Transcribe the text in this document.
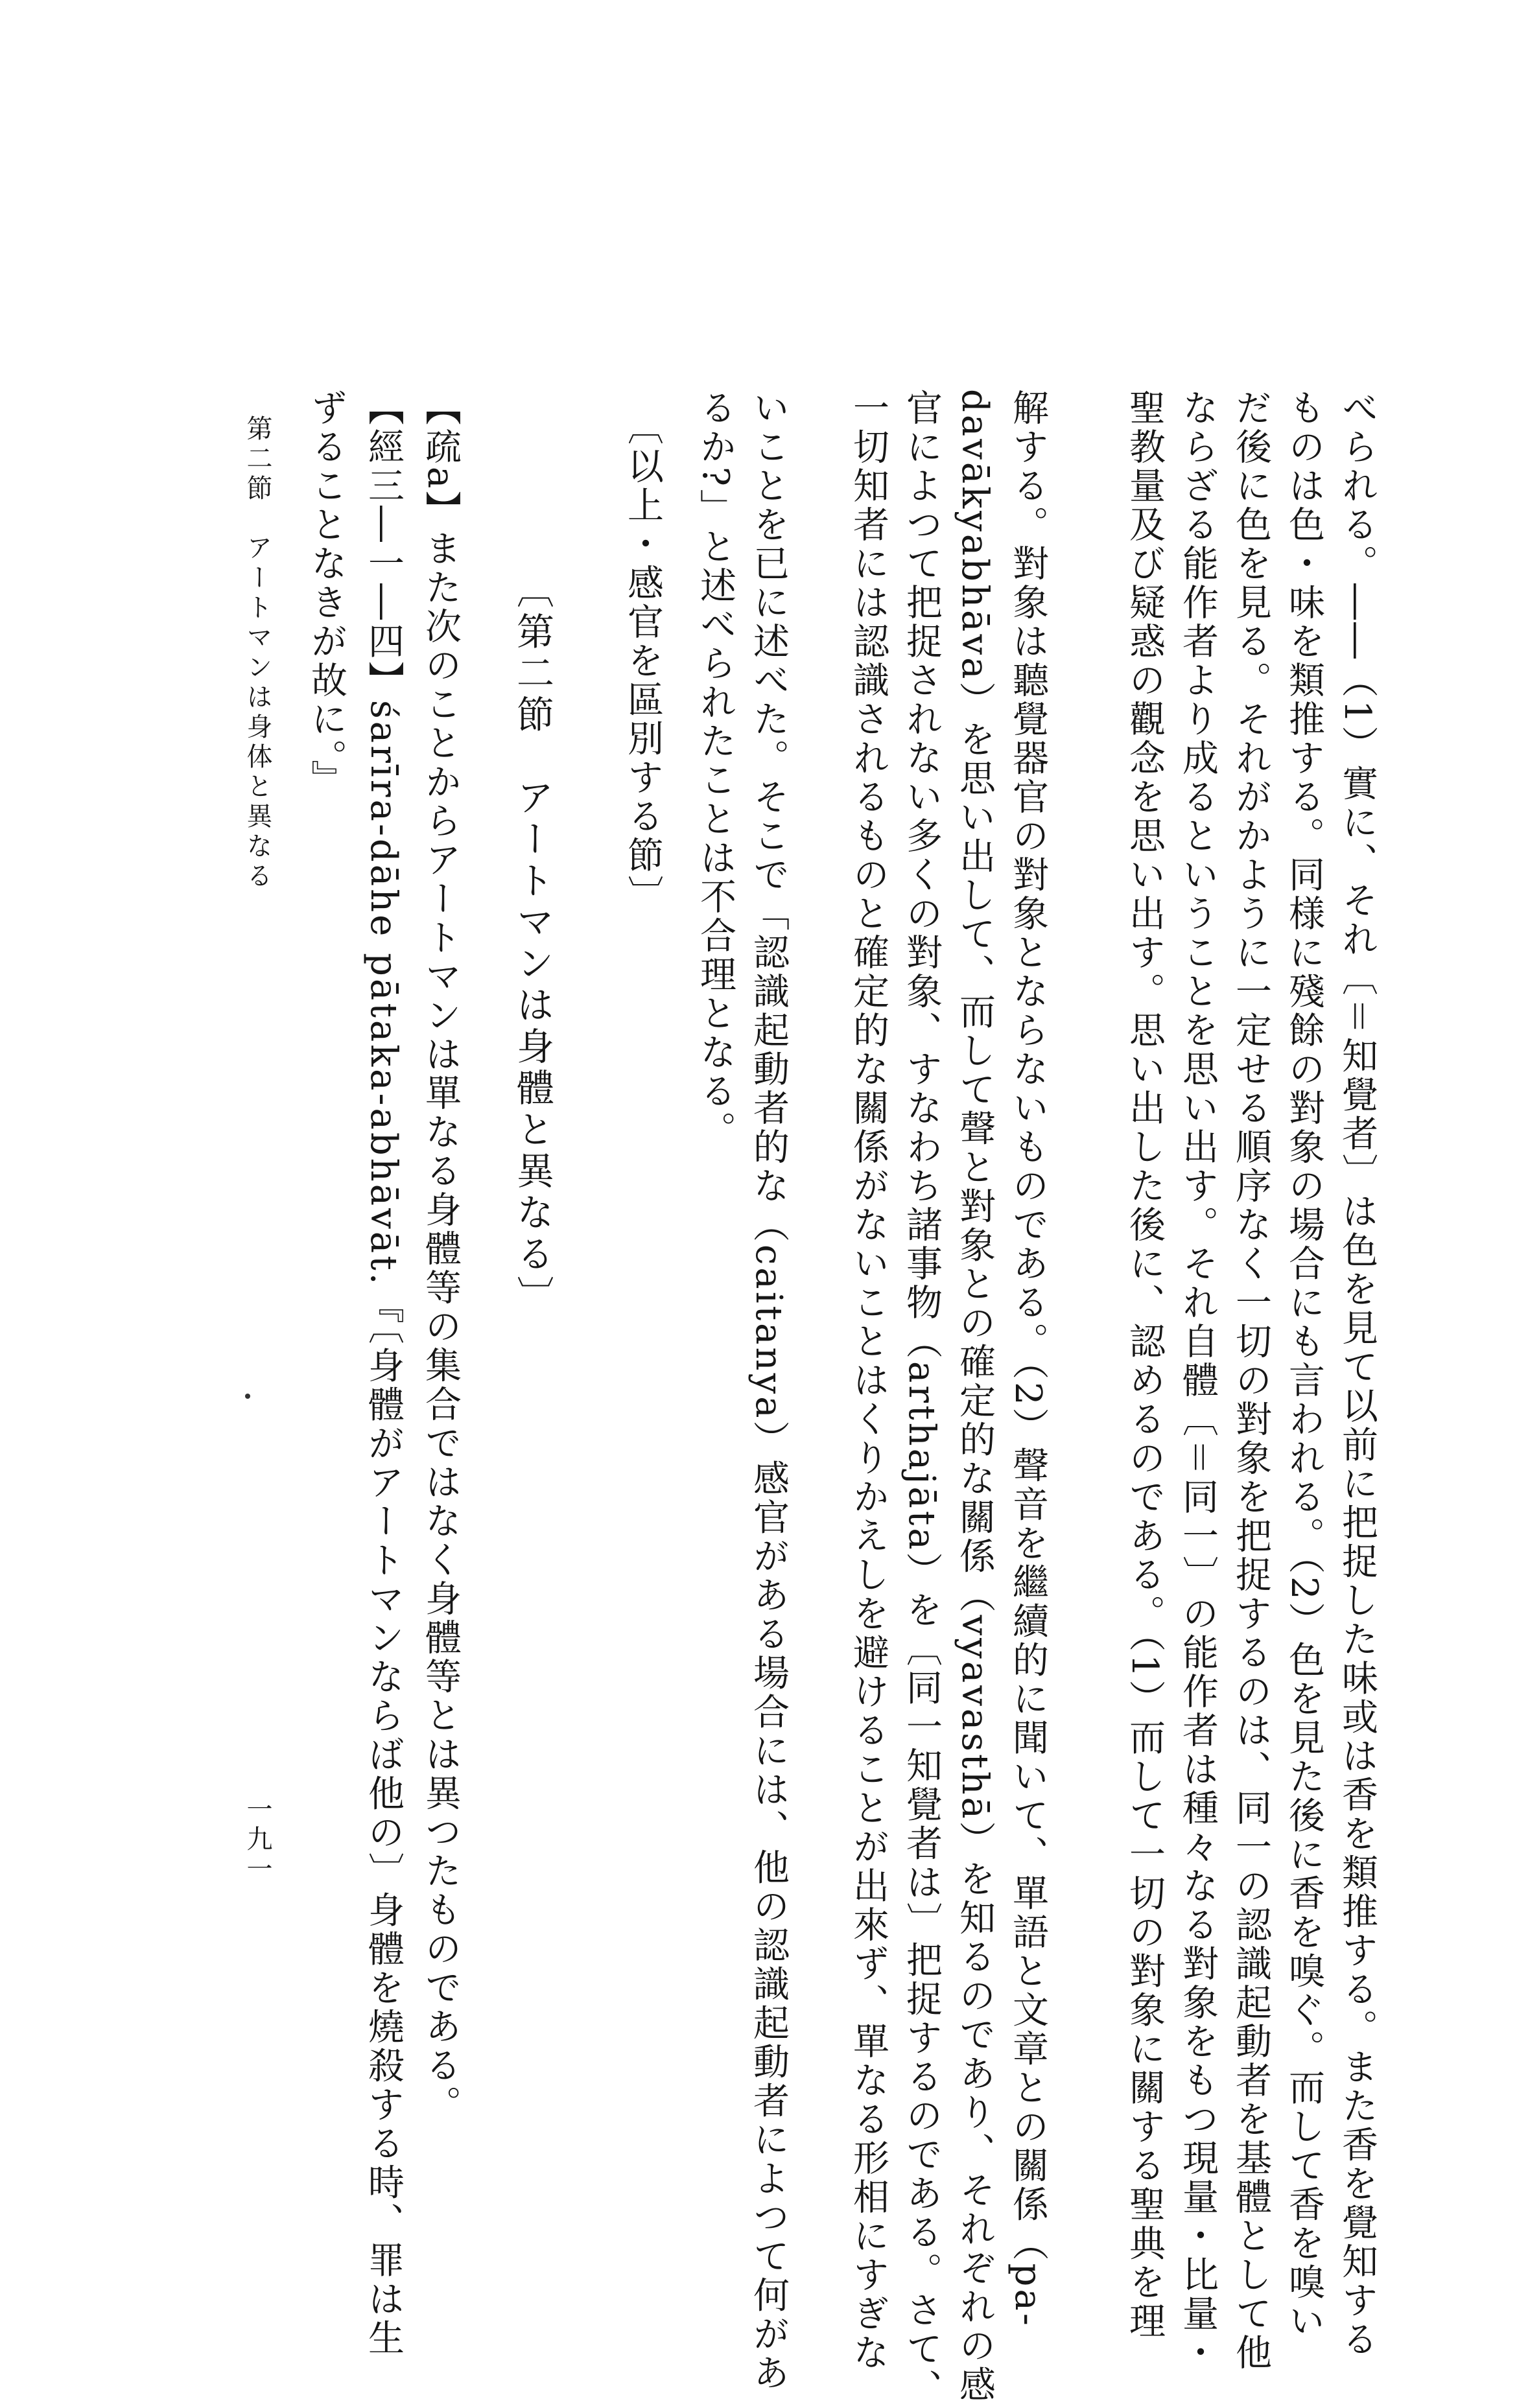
べられる。――（1）實に、それ〔＝知覺者〕は色を見て以前に把捉した味或は香を類推する。また香を覺知する
ものは色・味を類推する。同様に殘餘の對象の場合にも言われる。（2）色を見た後に香を嗅ぐ。而して香を嗅い
だ後に色を見る。それがかように一定せる順序なく一切の對象を把捉するのは、同一の認識起動者を基體として他
ならざる能作者より成るということを思い出す。それ自體〔＝同一〕の能作者は種々なる對象をもつ現量・比量・
聖教量及び疑惑の觀念を思い出す。思い出した後に、認めるのである。（1）而して一切の對象に關する聖典を理
解する。對象は聽覺器官の對象とならないものである。（2）聲音を繼續的に聞いて、單語と文章との關係（pa-
davākyabhāva）を思い出して、而して聲と對象との確定的な關係（vyavasthā）を知るのであり、それぞれの感
官によつて把捉されない多くの對象、すなわち諸事物（arthajāta）を〔同一知覺者は〕把捉するのである。さて、
一切知者には認識されるものと確定的な關係がないことはくりかえしを避けることが出來ず、單なる形相にすぎな
いことを已に述べた。そこで「認識起動者的な（caitanya）感官がある場合には、他の認識起動者によつて何があ
るか?」と述べられたことは不合理となる。
〔以上・感官を區別する節〕
〔第二節　アートマンは身體と異なる〕
【疏a】また次のことからアートマンは單なる身體等の集合ではなく身體等とは異つたものである。
【經三―一―四】śarīra-dāhe pātaka-abhāvāt.『〔身體がアートマンならば他の〕身體を燒殺する時、罪は生
ずることなきが故に。』
第二節　アートマンは身体と異なる
一九一
